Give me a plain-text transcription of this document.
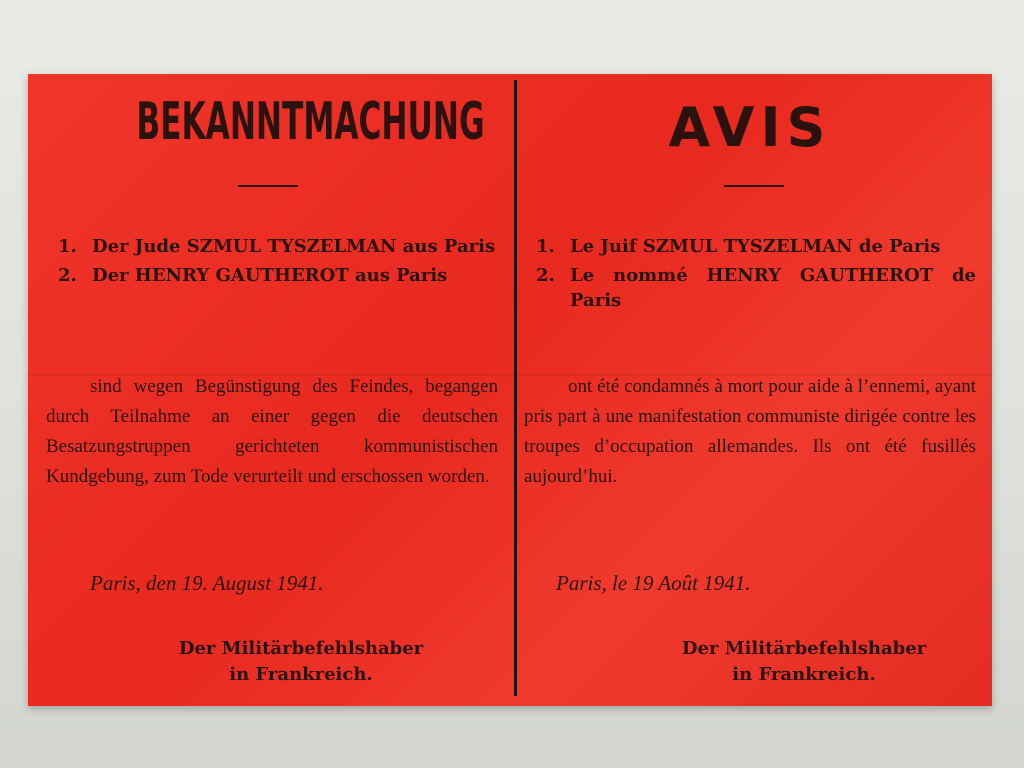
BEKANNTMACHUNG
1. Der Jude SZMUL TYSZELMAN aus Paris
2. Der HENRY GAUTHEROT aus Paris
sind wegen Begünstigung des Feindes, begangen durch Teilnahme an einer gegen die deutschen Besatzungstruppen gerichteten kommunistischen Kundgebung, zum Tode verurteilt und erschossen worden.
Paris, den 19. August 1941.
Der Militärbefehlshaber
in Frankreich.
AVIS
1. Le Juif SZMUL TYSZELMAN de Paris
2. Le nommé HENRY GAUTHEROT de Paris
ont été condamnés à mort pour aide à l’ennemi, ayant pris part à une manifestation communiste dirigée contre les troupes d’occupation allemandes. Ils ont été fusillés aujourd’hui.
Paris, le 19 Août 1941.
Der Militärbefehlshaber
in Frankreich.
